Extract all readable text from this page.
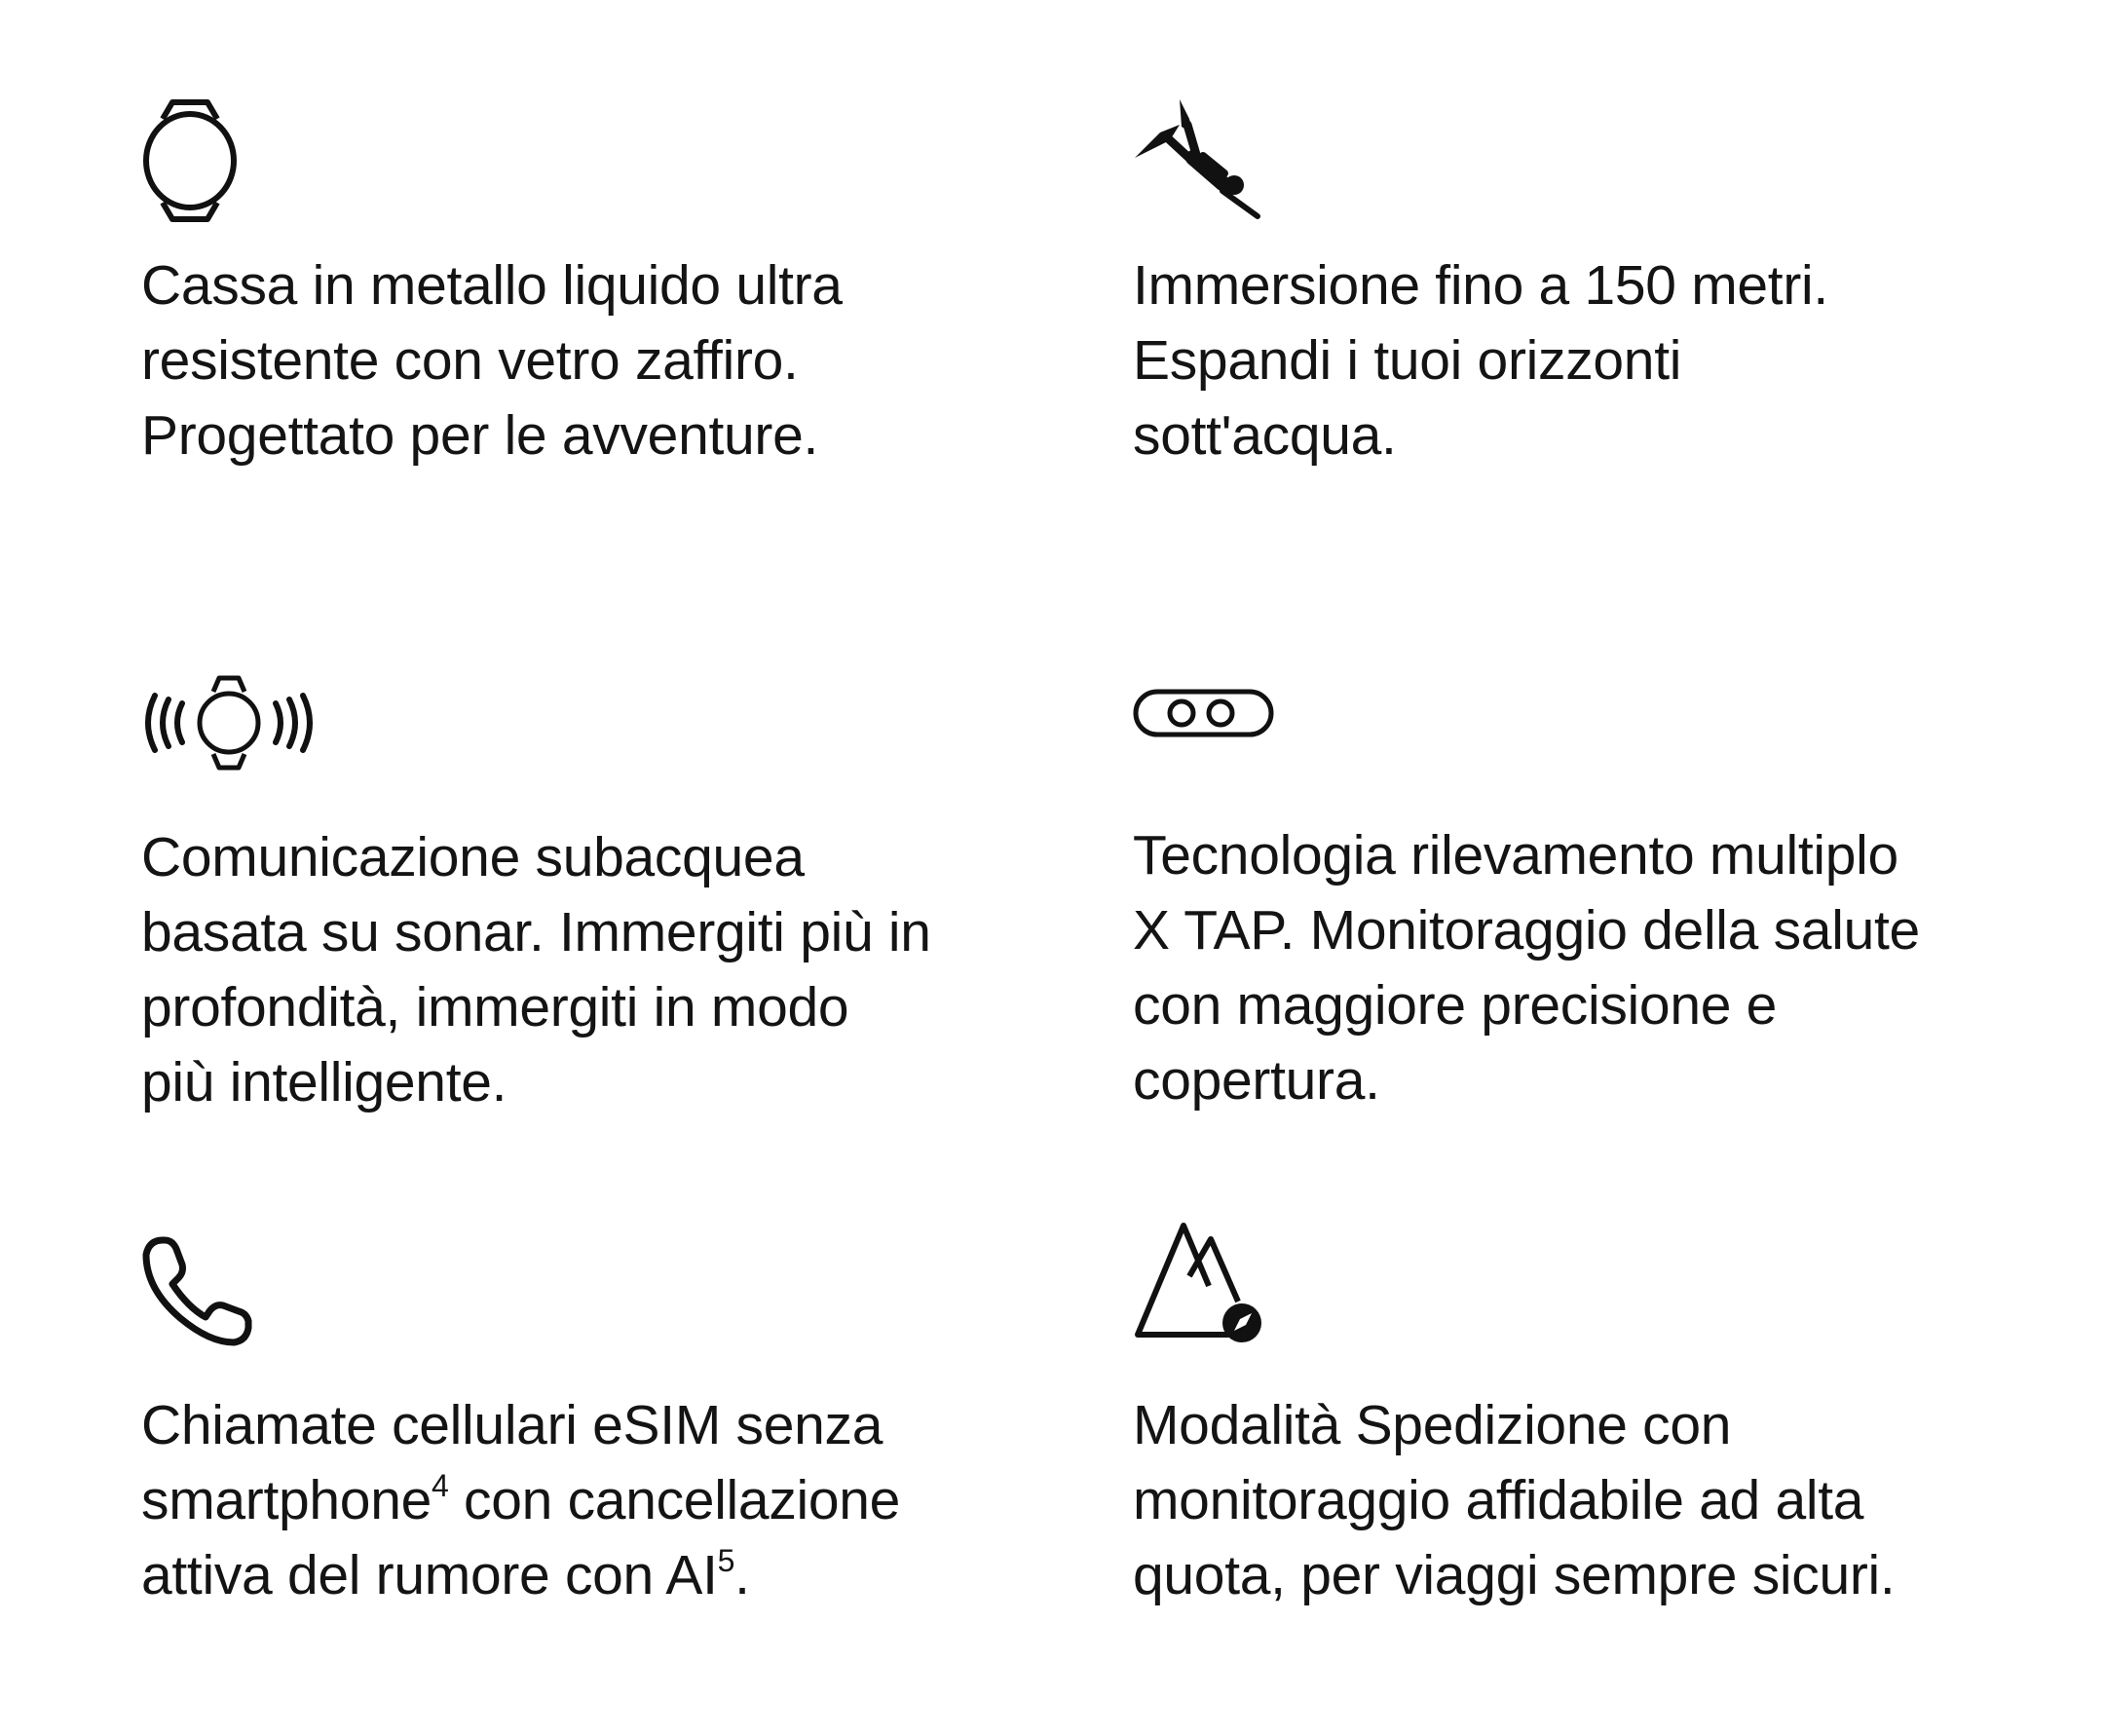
Cassa in metallo liquido ultra
resistente con vetro zaffiro.
Progettato per le avventure.

Immersione fino a 150 metri.
Espandi i tuoi orizzonti
sott'acqua.

Comunicazione subacquea
basata su sonar. Immergiti più in
profondità, immergiti in modo
più intelligente.

Tecnologia rilevamento multiplo
X TAP. Monitoraggio della salute
con maggiore precisione e
copertura.

Chiamate cellulari eSIM senza
smartphone$^4$ con cancellazione
attiva del rumore con $AI^5$.

Modalità Spedizione con
monitoraggio affidabile ad alta
quota, per viaggi sempre sicuri.
